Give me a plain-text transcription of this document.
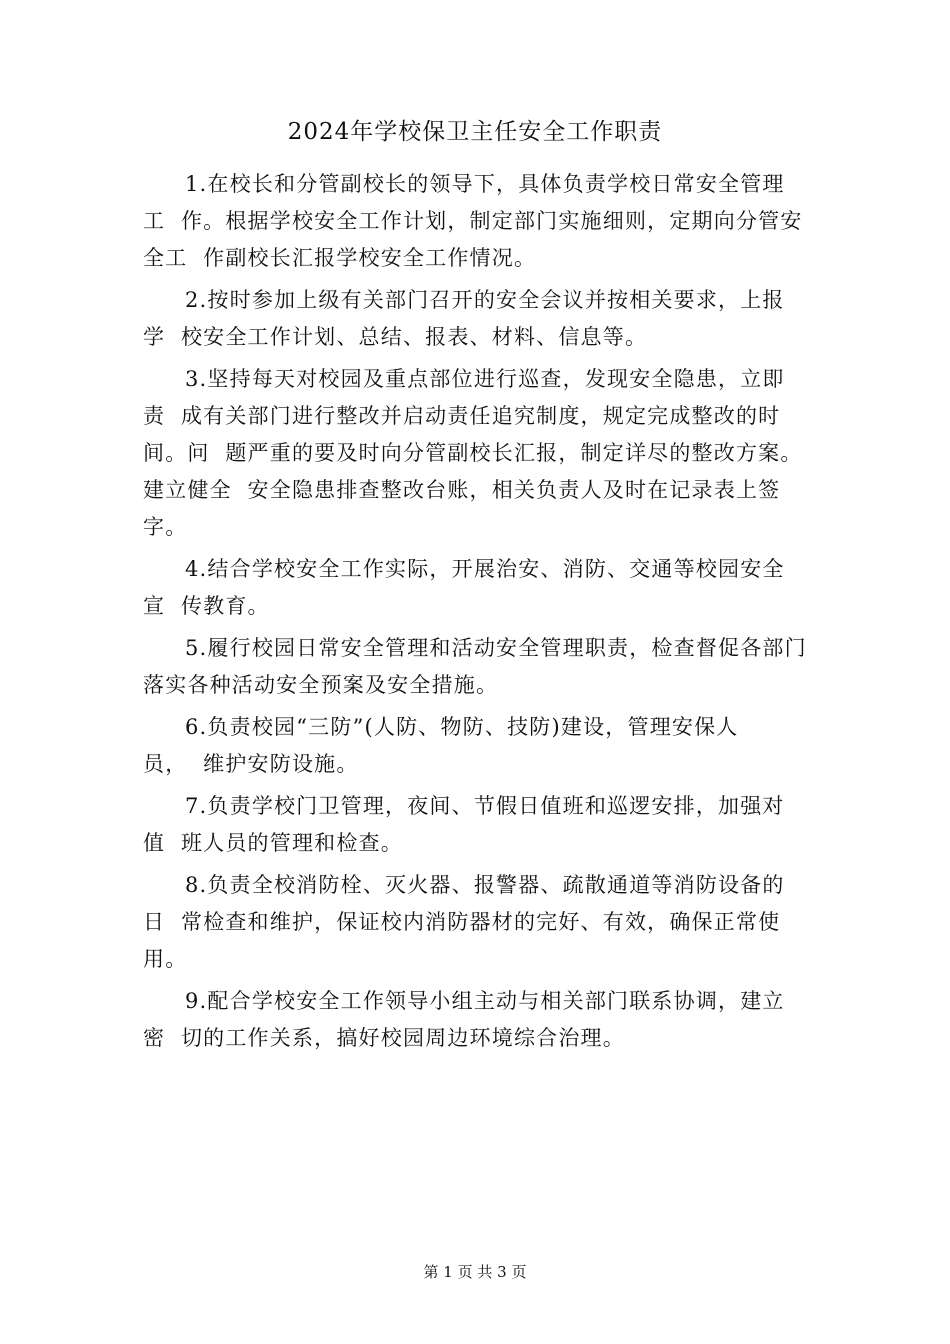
2024年学校保卫主任安全工作职责

1.在校长和分管副校长的领导下，具体负责学校日常安全管理
工  作。根据学校安全工作计划，制定部门实施细则，定期向分管安
全工  作副校长汇报学校安全工作情况。

2.按时参加上级有关部门召开的安全会议并按相关要求，上报
学  校安全工作计划、总结、报表、材料、信息等。

3.坚持每天对校园及重点部位进行巡查，发现安全隐患，立即
责  成有关部门进行整改并启动责任追究制度，规定完成整改的时
间。问  题严重的要及时向分管副校长汇报，制定详尽的整改方案。
建立健全  安全隐患排查整改台账，相关负责人及时在记录表上签
字。

4.结合学校安全工作实际，开展治安、消防、交通等校园安全
宣  传教育。

5.履行校园日常安全管理和活动安全管理职责，检查督促各部门
落实各种活动安全预案及安全措施。

6.负责校园“三防”(人防、物防、技防)建设，管理安保人
员，  维护安防设施。

7.负责学校门卫管理，夜间、节假日值班和巡逻安排，加强对
值  班人员的管理和检查。

8.负责全校消防栓、灭火器、报警器、疏散通道等消防设备的
日  常检查和维护，保证校内消防器材的完好、有效，确保正常使
用。

9.配合学校安全工作领导小组主动与相关部门联系协调，建立
密  切的工作关系，搞好校园周边环境综合治理。

第 1 页 共 3 页
